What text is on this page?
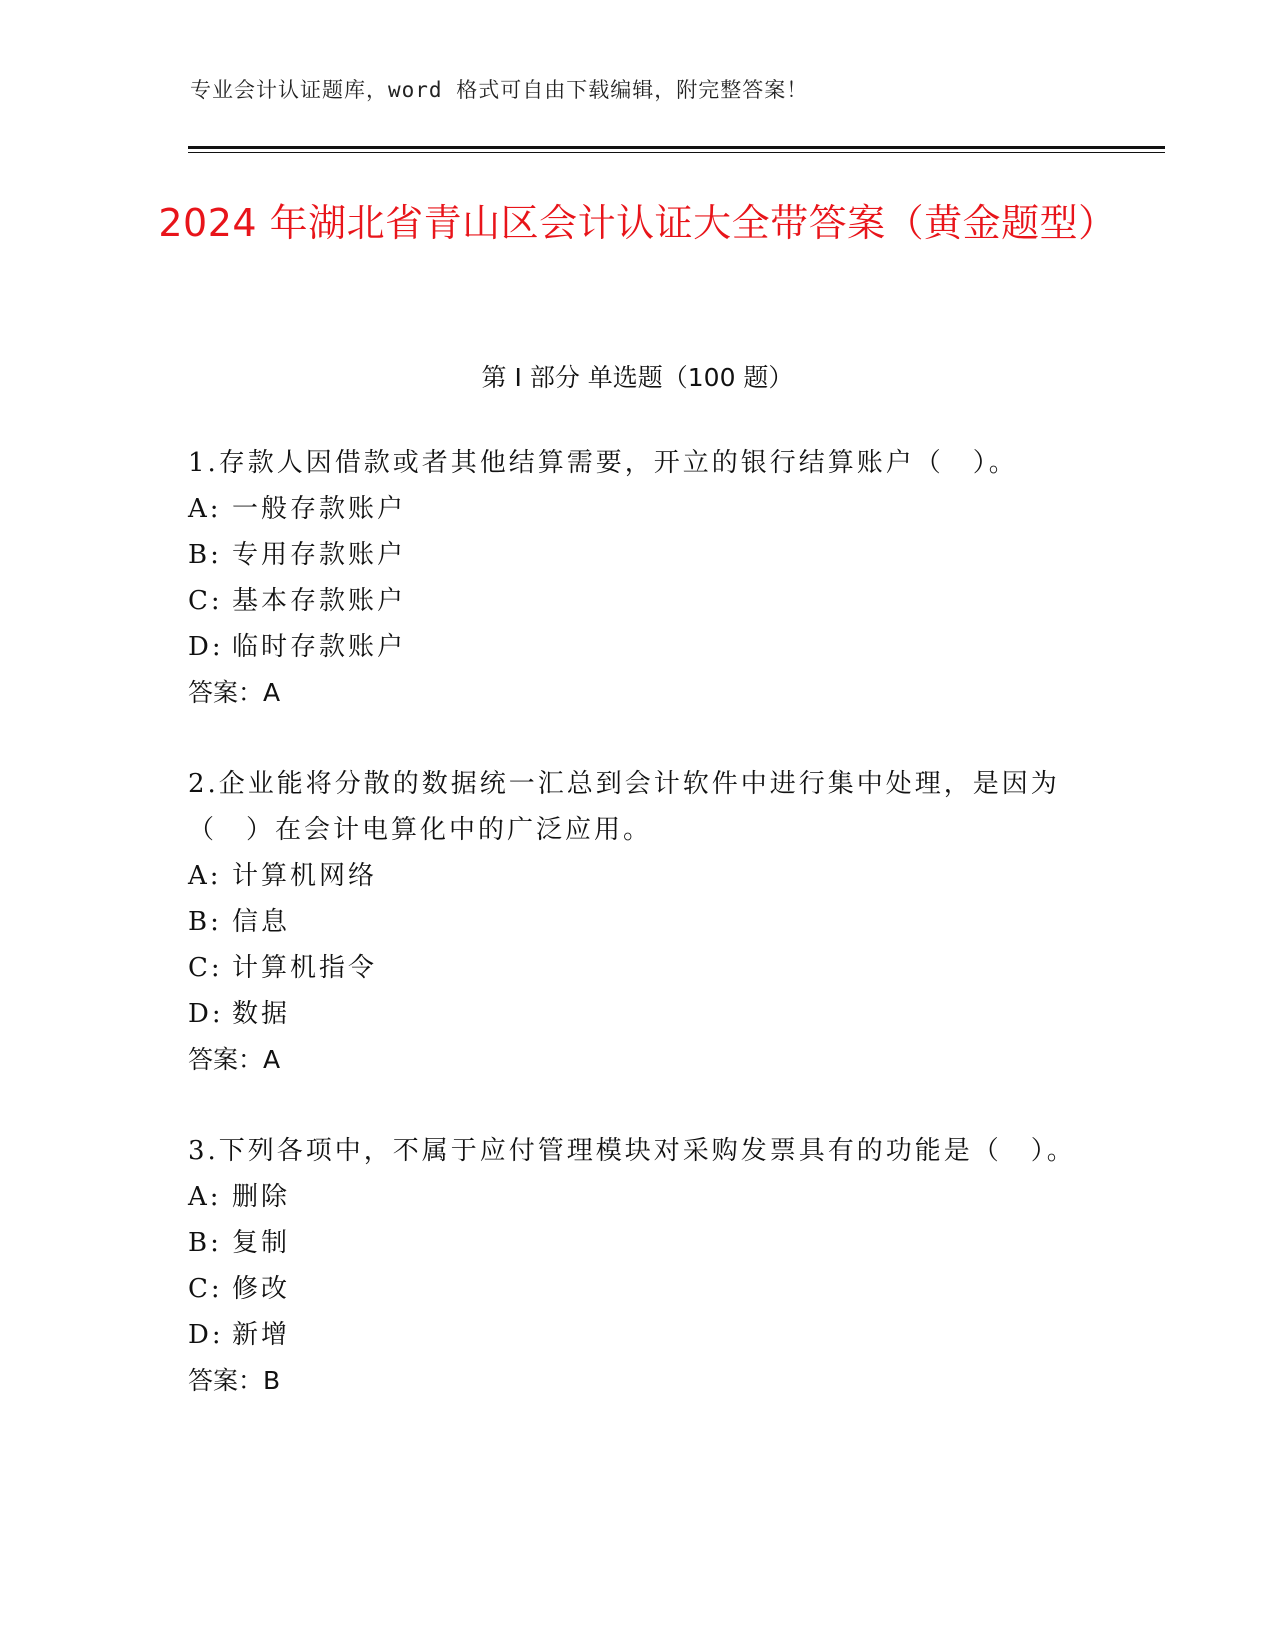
专业会计认证题库，word 格式可自由下载编辑，附完整答案！
2024 年湖北省青山区会计认证大全带答案（黄金题型）
第 I 部分 单选题（100 题）

1.存款人因借款或者其他结算需要，开立的银行结算账户（　）。

A: 一般存款账户

B: 专用存款账户

C: 基本存款账户

D: 临时存款账户

答案：A

2.企业能将分散的数据统一汇总到会计软件中进行集中处理，是因为（　）在会计电算化中的广泛应用。

A: 计算机网络

B: 信息

C: 计算机指令

D: 数据

答案：A

3.下列各项中，不属于应付管理模块对采购发票具有的功能是（　）。

A: 删除

B: 复制

C: 修改

D: 新增

答案：B
